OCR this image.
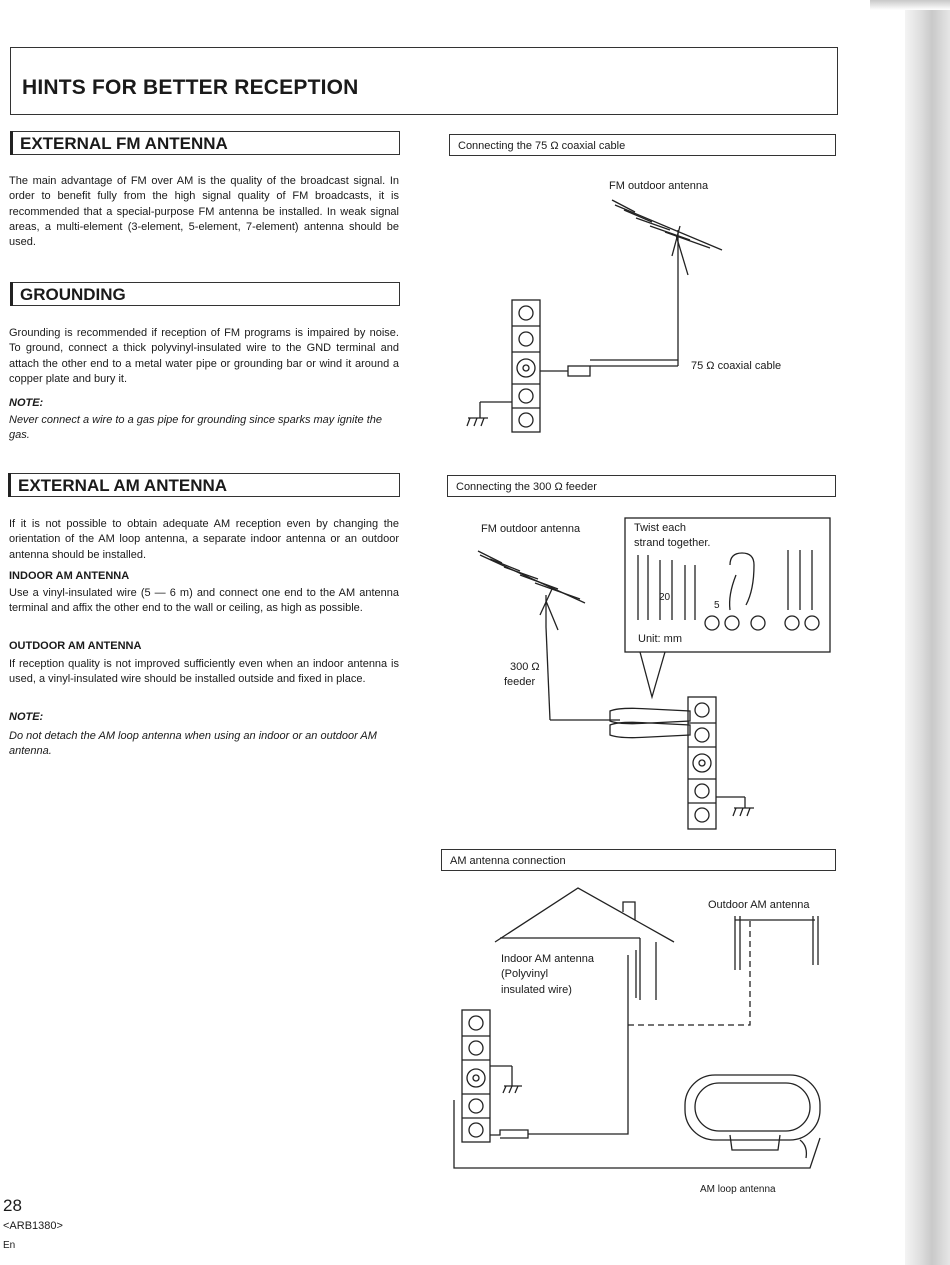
HINTS FOR BETTER RECEPTION
EXTERNAL FM ANTENNA

The main advantage of FM over AM is the quality of the broadcast signal. In order to benefit fully from the high signal quality of FM broadcasts, it is recommended that a special-purpose FM antenna be installed. In weak signal areas, a multi-element (3-element, 5-element, 7-element) antenna should be used.

GROUNDING

Grounding is recommended if reception of FM programs is impaired by noise. To ground, connect a thick polyvinyl-insulated wire to the GND terminal and attach the other end to a metal water pipe or grounding bar or wind it around a copper plate and bury it.

NOTE:

Never connect a wire to a gas pipe for grounding since sparks may ignite the gas.

EXTERNAL AM ANTENNA

If it is not possible to obtain adequate AM reception even by changing the orientation of the AM loop antenna, a separate indoor antenna or an outdoor antenna should be installed.

INDOOR AM ANTENNA

Use a vinyl-insulated wire (5 — 6 m) and connect one end to the AM antenna terminal and affix the other end to the wall or ceiling, as high as possible.

OUTDOOR AM ANTENNA

If reception quality is not improved sufficiently even when an indoor antenna is used, a vinyl-insulated wire should be installed outside and fixed in place.

NOTE:

Do not detach the AM loop antenna when using an indoor or an outdoor AM antenna.

Connecting the 75 Ω coaxial cable

FM outdoor antenna

75 Ω coaxial cable

Connecting the 300 Ω feeder

FM outdoor antenna

300 Ω

feeder

Twist each

strand together.

20

5

Unit: mm

AM antenna connection

Outdoor AM antenna

Indoor AM antenna

(Polyvinyl

insulated wire)

AM loop antenna

28

<ARB1380>

En
